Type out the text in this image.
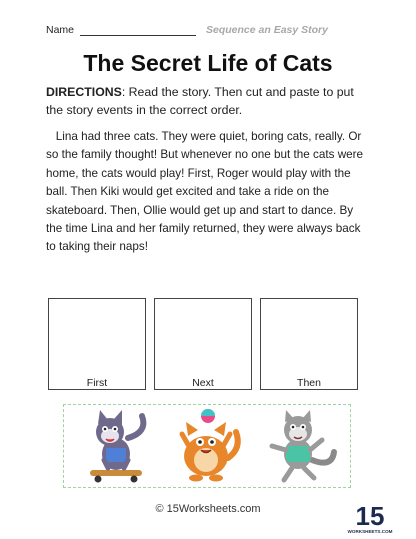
Name	Sequence an Easy Story
The Secret Life of Cats
DIRECTIONS: Read the story. Then cut and paste to put the story events in the correct order.
Lina had three cats. They were quiet, boring cats, really. Or so the family thought! But whenever no one but the cats were home, the cats would play! First, Roger would play with the ball. Then Kiki would get excited and take a ride on the skateboard. Then, Ollie would get up and start to dance. By the time Lina and her family returned, they were always back to taking their naps!
First	Next	Then
© 15Worksheets.com	15
WORKSHEETS.COM
